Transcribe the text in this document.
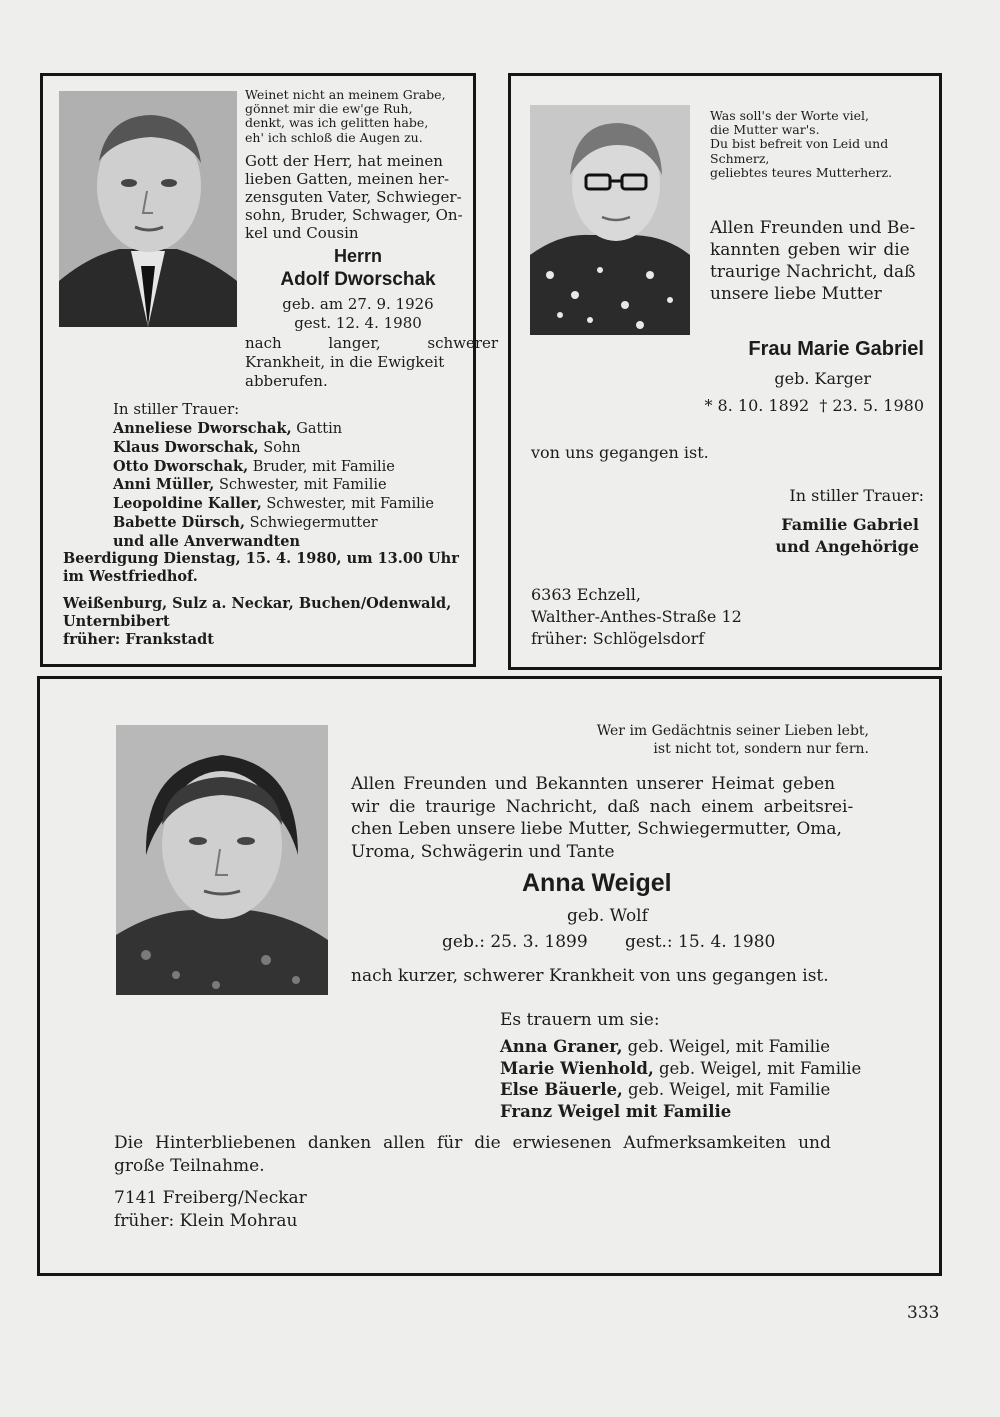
Weinet nicht an meinem Grabe,
gönnet mir die ew'ge Ruh,
denkt, was ich gelitten habe,
eh' ich schloß die Augen zu.
Gott der Herr, hat meinen
lieben Gatten, meinen her-
zensguten Vater, Schwieger-
sohn, Bruder, Schwager, On-
kel und Cousin
Herrn
Adolf Dworschak
geb. am 27. 9. 1926
gest. 12. 4. 1980
nach langer, schwerer
Krankheit, in die Ewigkeit
abberufen.
In stiller Trauer:
Anneliese Dworschak, Gattin
Klaus Dworschak, Sohn
Otto Dworschak, Bruder, mit Familie
Anni Müller, Schwester, mit Familie
Leopoldine Kaller, Schwester, mit Familie
Babette Dürsch, Schwiegermutter
und alle Anverwandten
Beerdigung Dienstag, 15. 4. 1980, um 13.00 Uhr
im Westfriedhof.
Weißenburg, Sulz a. Neckar, Buchen/Odenwald,
Unternbibert
früher: Frankstadt
Was soll's der Worte viel,
die Mutter war's.
Du bist befreit von Leid und
Schmerz,
geliebtes teures Mutterherz.
Allen Freunden und Be-
kannten geben wir die
traurige Nachricht, daß
unsere liebe Mutter
Frau Marie Gabriel
geb. Karger
* 8. 10. 1892  † 23. 5. 1980
von uns gegangen ist.
In stiller Trauer:
Familie Gabriel
und Angehörige
6363 Echzell,
Walther-Anthes-Straße 12
früher: Schlögelsdorf
Wer im Gedächtnis seiner Lieben lebt,
ist nicht tot, sondern nur fern.
Allen Freunden und Bekannten unserer Heimat geben
wir die traurige Nachricht, daß nach einem arbeitsrei-
chen Leben unsere liebe Mutter, Schwiegermutter, Oma,
Uroma, Schwägerin und Tante
Anna Weigel
geb. Wolf
geb.: 25. 3. 1899 gest.: 15. 4. 1980
nach kurzer, schwerer Krankheit von uns gegangen ist.
Es trauern um sie:
Anna Graner, geb. Weigel, mit Familie
Marie Wienhold, geb. Weigel, mit Familie
Else Bäuerle, geb. Weigel, mit Familie
Franz Weigel mit Familie
Die Hinterbliebenen danken allen für die erwiesenen Aufmerksamkeiten und
große Teilnahme.
7141 Freiberg/Neckar
früher: Klein Mohrau
333
